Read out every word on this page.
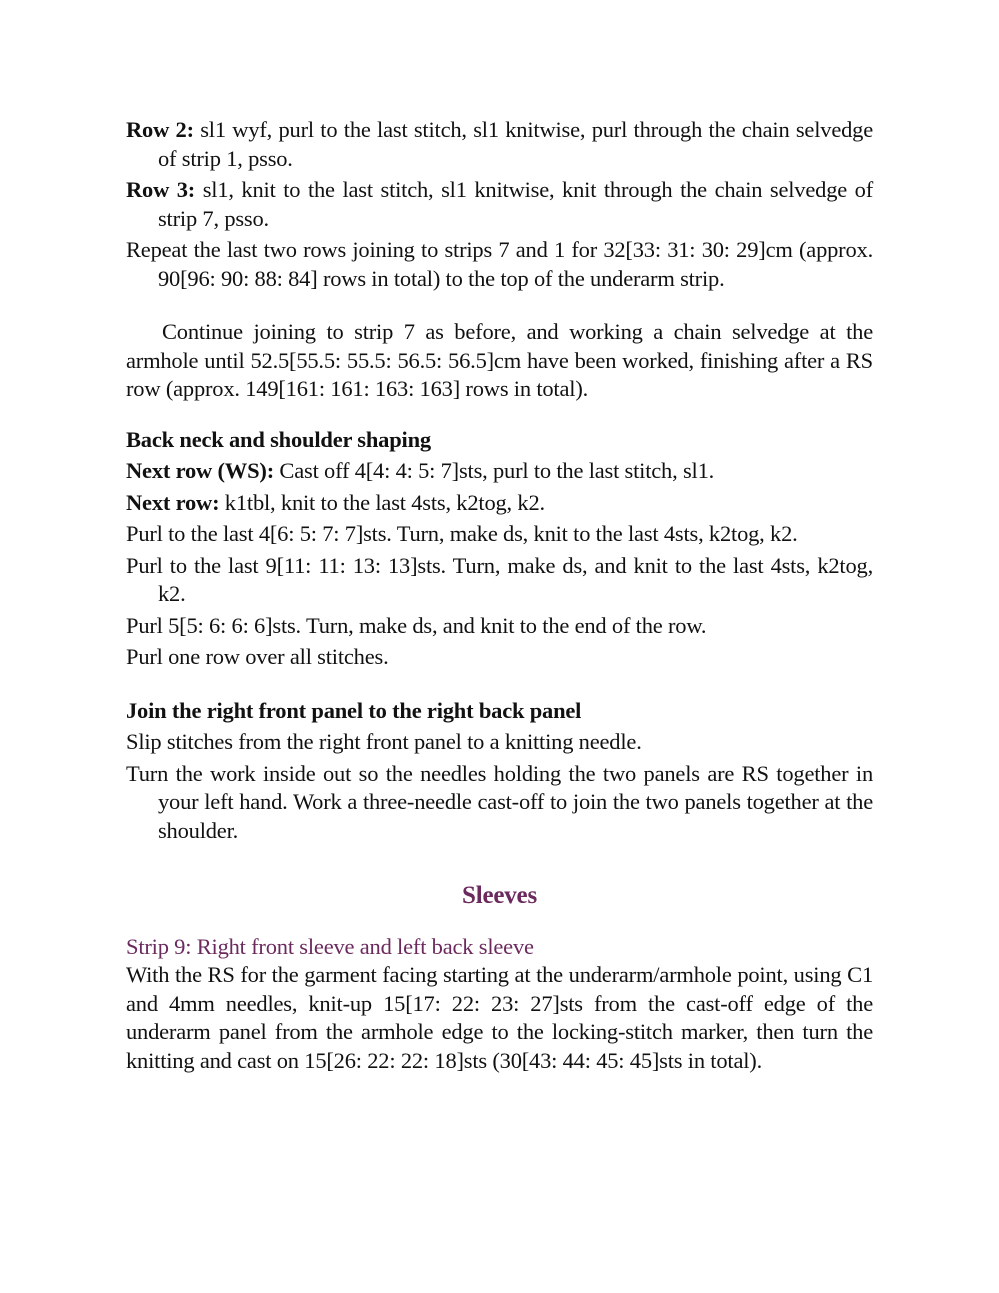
Row 2: sl1 wyf, purl to the last stitch, sl1 knitwise, purl through the chain selvedge of strip 1, psso.

Row 3: sl1, knit to the last stitch, sl1 knitwise, knit through the chain selvedge of strip 7, psso.

Repeat the last two rows joining to strips 7 and 1 for 32[33: 31: 30: 29]cm (approx. 90[96: 90: 88: 84] rows in total) to the top of the underarm strip.

Continue joining to strip 7 as before, and working a chain selvedge at the armhole until 52.5[55.5: 55.5: 56.5: 56.5]cm have been worked, finishing after a RS row (approx. 149[161: 161: 163: 163] rows in total).

Back neck and shoulder shaping

Next row (WS): Cast off 4[4: 4: 5: 7]sts, purl to the last stitch, sl1.

Next row: k1tbl, knit to the last 4sts, k2tog, k2.

Purl to the last 4[6: 5: 7: 7]sts. Turn, make ds, knit to the last 4sts, k2tog, k2.

Purl to the last 9[11: 11: 13: 13]sts. Turn, make ds, and knit to the last 4sts, k2tog, k2.

Purl 5[5: 6: 6: 6]sts. Turn, make ds, and knit to the end of the row.

Purl one row over all stitches.

Join the right front panel to the right back panel

Slip stitches from the right front panel to a knitting needle.

Turn the work inside out so the needles holding the two panels are RS together in your left hand. Work a three-needle cast-off to join the two panels together at the shoulder.

Sleeves

Strip 9: Right front sleeve and left back sleeve

With the RS for the garment facing starting at the underarm/armhole point, using C1 and 4mm needles, knit-up 15[17: 22: 23: 27]sts from the cast-off edge of the underarm panel from the armhole edge to the locking-stitch marker, then turn the knitting and cast on 15[26: 22: 22: 18]sts (30[43: 44: 45: 45]sts in total).
